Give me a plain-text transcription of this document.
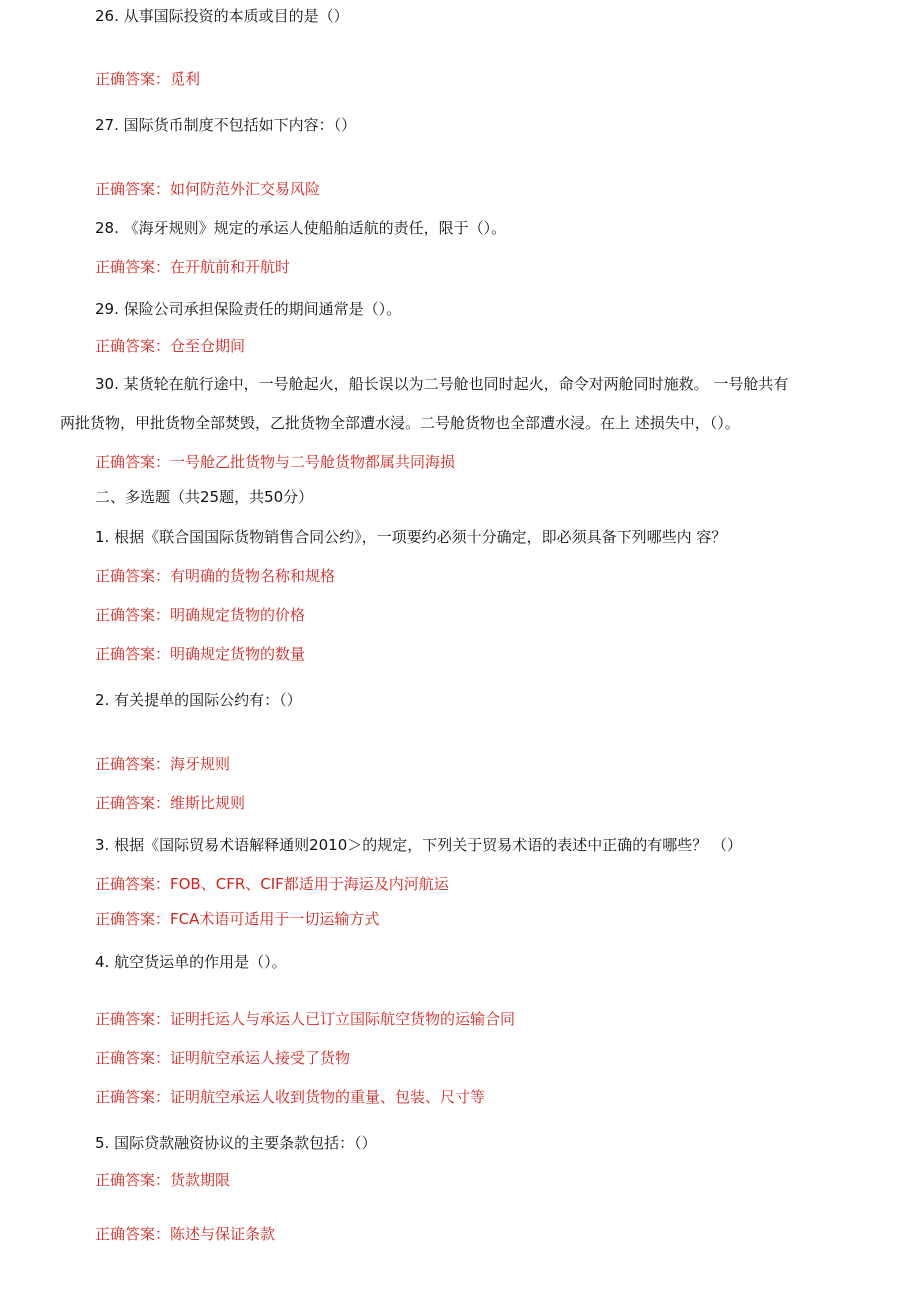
26. 从事国际投资的本质或目的是（）
正确答案：觅利
27. 国际货币制度不包括如下内容：（）
正确答案：如何防范外汇交易风险
28. 《海牙规则》规定的承运人使船舶适航的责任，限于（）。
正确答案：在开航前和开航时
29. 保险公司承担保险责任的期间通常是（）。
正确答案：仓至仓期间
30. 某货轮在航行途中，一号舱起火，船长误以为二号舱也同时起火，命令对两舱同时施救。 一号舱共有
两批货物，甲批货物全部焚毁，乙批货物全部遭水浸。二号舱货物也全部遭水浸。在上 述损失中，（）。
正确答案：一号舱乙批货物与二号舱货物都属共同海损
二、多选题（共25题，共50分）
1. 根据《联合国国际货物销售合同公约》，一项要约必须十分确定，即必须具备下列哪些内 容？
正确答案：有明确的货物名称和规格
正确答案：明确规定货物的价格
正确答案：明确规定货物的数量
2. 有关提单的国际公约有：（）
正确答案：海牙规则
正确答案：维斯比规则
3. 根据《国际贸易术语解释通则2010＞的规定，下列关于贸易术语的表述中正确的有哪些？ （）
正确答案：FOB、CFR、CIF都适用于海运及内河航运
正确答案：FCA术语可适用于一切运输方式
4. 航空货运单的作用是（）。
正确答案：证明托运人与承运人已订立国际航空货物的运输合同
正确答案：证明航空承运人接受了货物
正确答案：证明航空承运人收到货物的重量、包装、尺寸等
5. 国际贷款融资协议的主要条款包括：（）
正确答案：货款期限
正确答案：陈述与保证条款
